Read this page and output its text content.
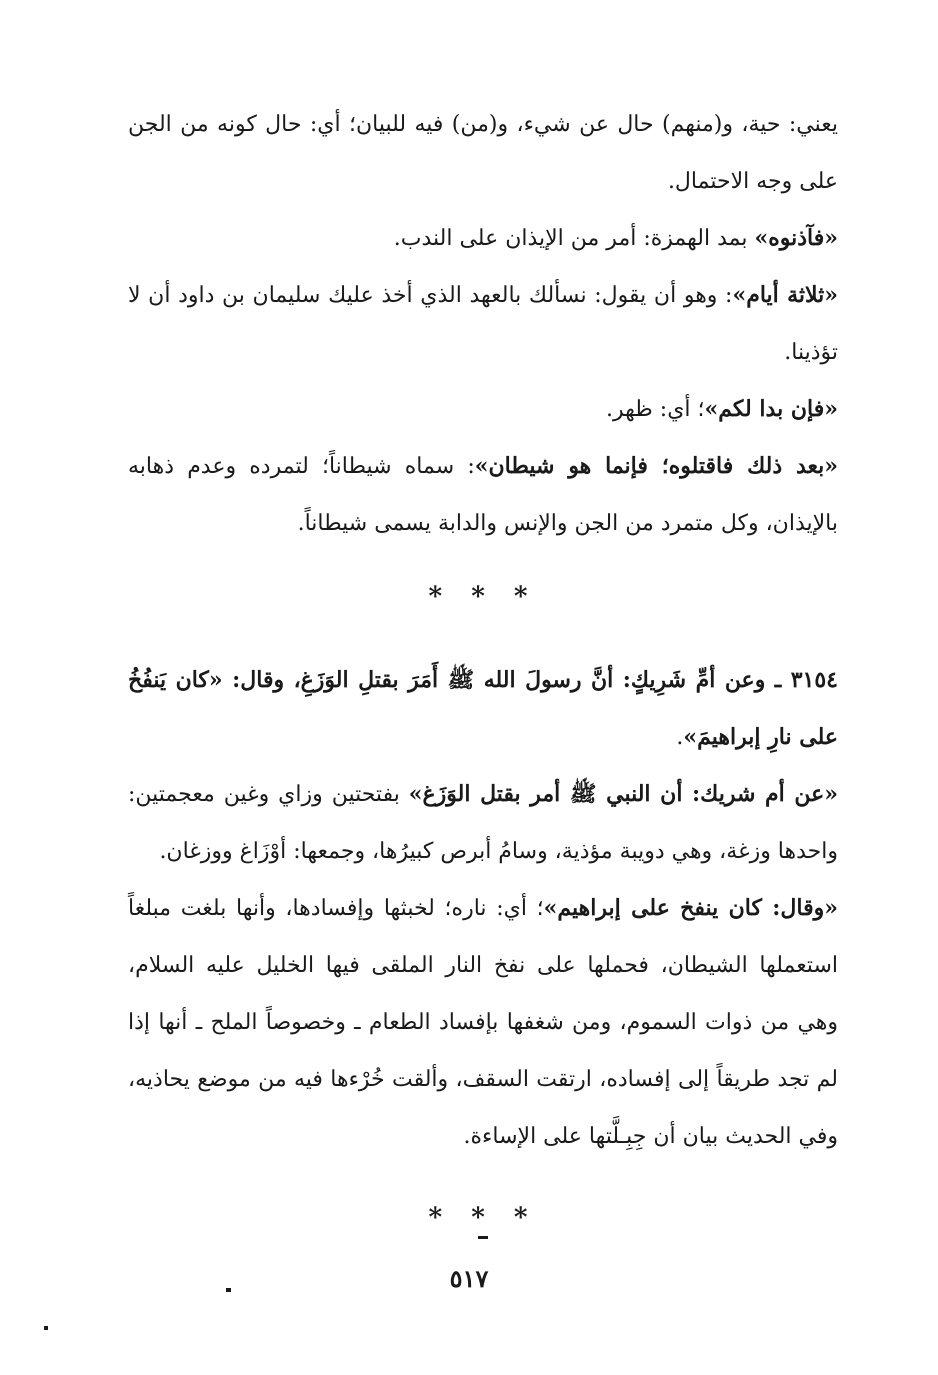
يعني: حية، و(منهم) حال عن شيء، و(من) فيه للبيان؛ أي: حال كونه من الجن على وجه الاحتمال.

«فآذنوه» بمد الهمزة: أمر من الإيذان على الندب.

«ثلاثة أيام»: وهو أن يقول: نسألك بالعهد الذي أخذ عليك سليمان بن داود أن لا تؤذينا.

«فإن بدا لكم»؛ أي: ظهر.

«بعد ذلك فاقتلوه؛ فإنما هو شيطان»: سماه شيطاناً؛ لتمرده وعدم ذهابه بالإيذان، وكل متمرد من الجن والإنس والدابة يسمى شيطاناً.

* * *

٣١٥٤ ـ وعن أمِّ شَرِيكٍ: أنَّ رسولَ الله ﷺ أَمَرَ بقتلِ الوَزَغِ، وقال: «كان يَنفُخُ على نارِ إبراهيمَ».

«عن أم شريك: أن النبي ﷺ أمر بقتل الوَزَغ» بفتحتين وزاي وغين معجمتين: واحدها وزغة، وهي دويبة مؤذية، وسامُ أبرص كبيرُها، وجمعها: أوْزَاغ ووزغان.

«وقال: كان ينفخ على إبراهيم»؛ أي: ناره؛ لخبثها وإفسادها، وأنها بلغت مبلغاً استعملها الشيطان، فحملها على نفخ النار الملقى فيها الخليل عليه السلام، وهي من ذوات السموم، ومن شغفها بإفساد الطعام ـ وخصوصاً الملح ـ أنها إذا لم تجد طريقاً إلى إفساده، ارتقت السقف، وألقت خُرْءها فيه من موضع يحاذيه، وفي الحديث بيان أن جِبِـلَّتها على الإساءة.

* * *
٥١٧
